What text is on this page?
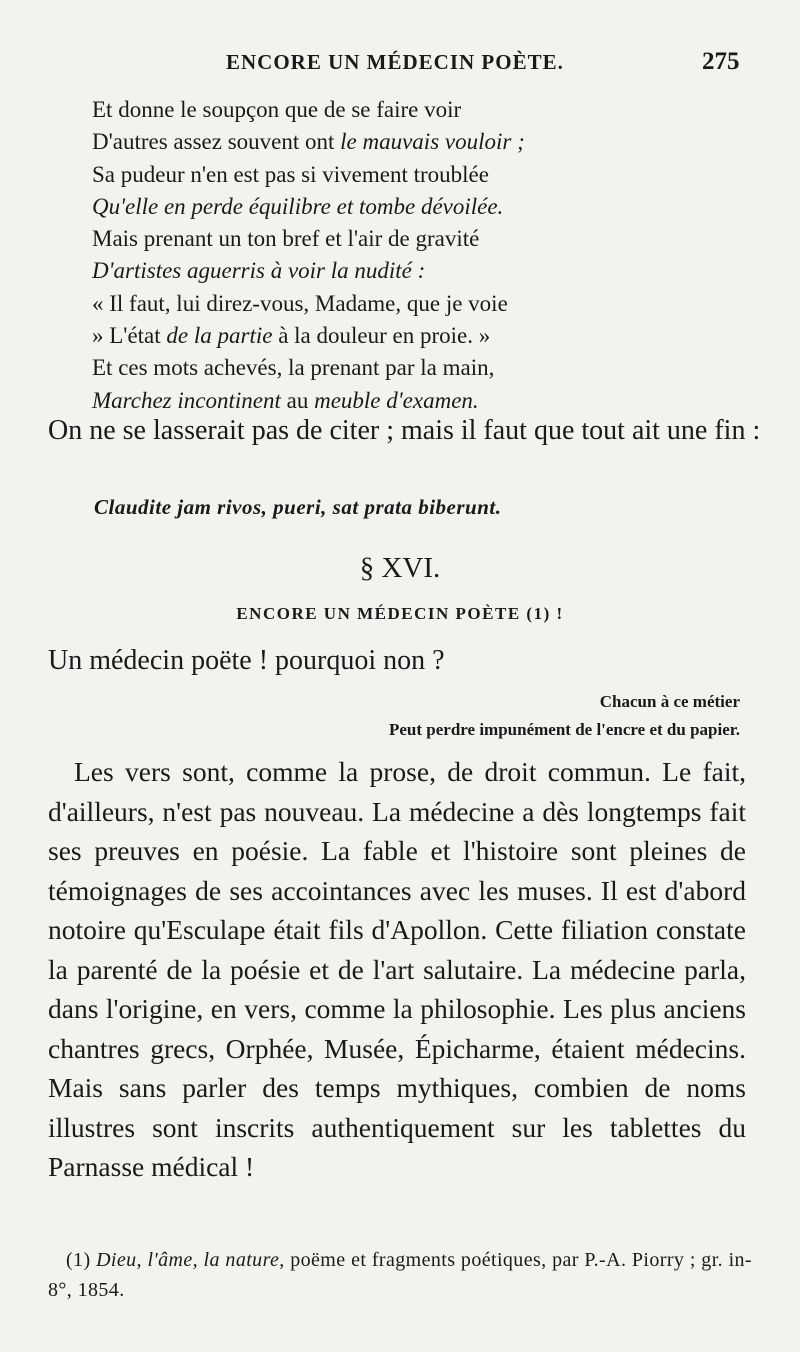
ENCORE UN MÉDECIN POÈTE.	275
Et donne le soupçon que de se faire voir
D'autres assez souvent ont le mauvais vouloir ;
Sa pudeur n'en est pas si vivement troublée
Qu'elle en perde équilibre et tombe dévoilée.
Mais prenant un ton bref et l'air de gravité
D'artistes aguerris à voir la nudité :
« Il faut, lui direz-vous, Madame, que je voie
» L'état de la partie à la douleur en proie. »
Et ces mots achevés, la prenant par la main,
Marchez incontinent au meuble d'examen.
On ne se lasserait pas de citer ; mais il faut que tout ait une fin :
Claudite jam rivos, pueri, sat prata biberunt.
§ XVI.
ENCORE UN MÉDECIN POÈTE (1) !
Un médecin poëte ! pourquoi non ?
Chacun à ce métier
Peut perdre impunément de l'encre et du papier.
Les vers sont, comme la prose, de droit commun. Le fait, d'ailleurs, n'est pas nouveau. La médecine a dès longtemps fait ses preuves en poésie. La fable et l'histoire sont pleines de témoignages de ses accointances avec les muses. Il est d'abord notoire qu'Esculape était fils d'Apollon. Cette filiation constate la parenté de la poésie et de l'art salutaire. La médecine parla, dans l'origine, en vers, comme la philosophie. Les plus anciens chantres grecs, Orphée, Musée, Épicharme, étaient médecins. Mais sans parler des temps mythiques, combien de noms illustres sont inscrits authentiquement sur les tablettes du Parnasse médical !
(1) Dieu, l'âme, la nature, poëme et fragments poétiques, par P.-A. Piorry ; gr. in-8°, 1854.
